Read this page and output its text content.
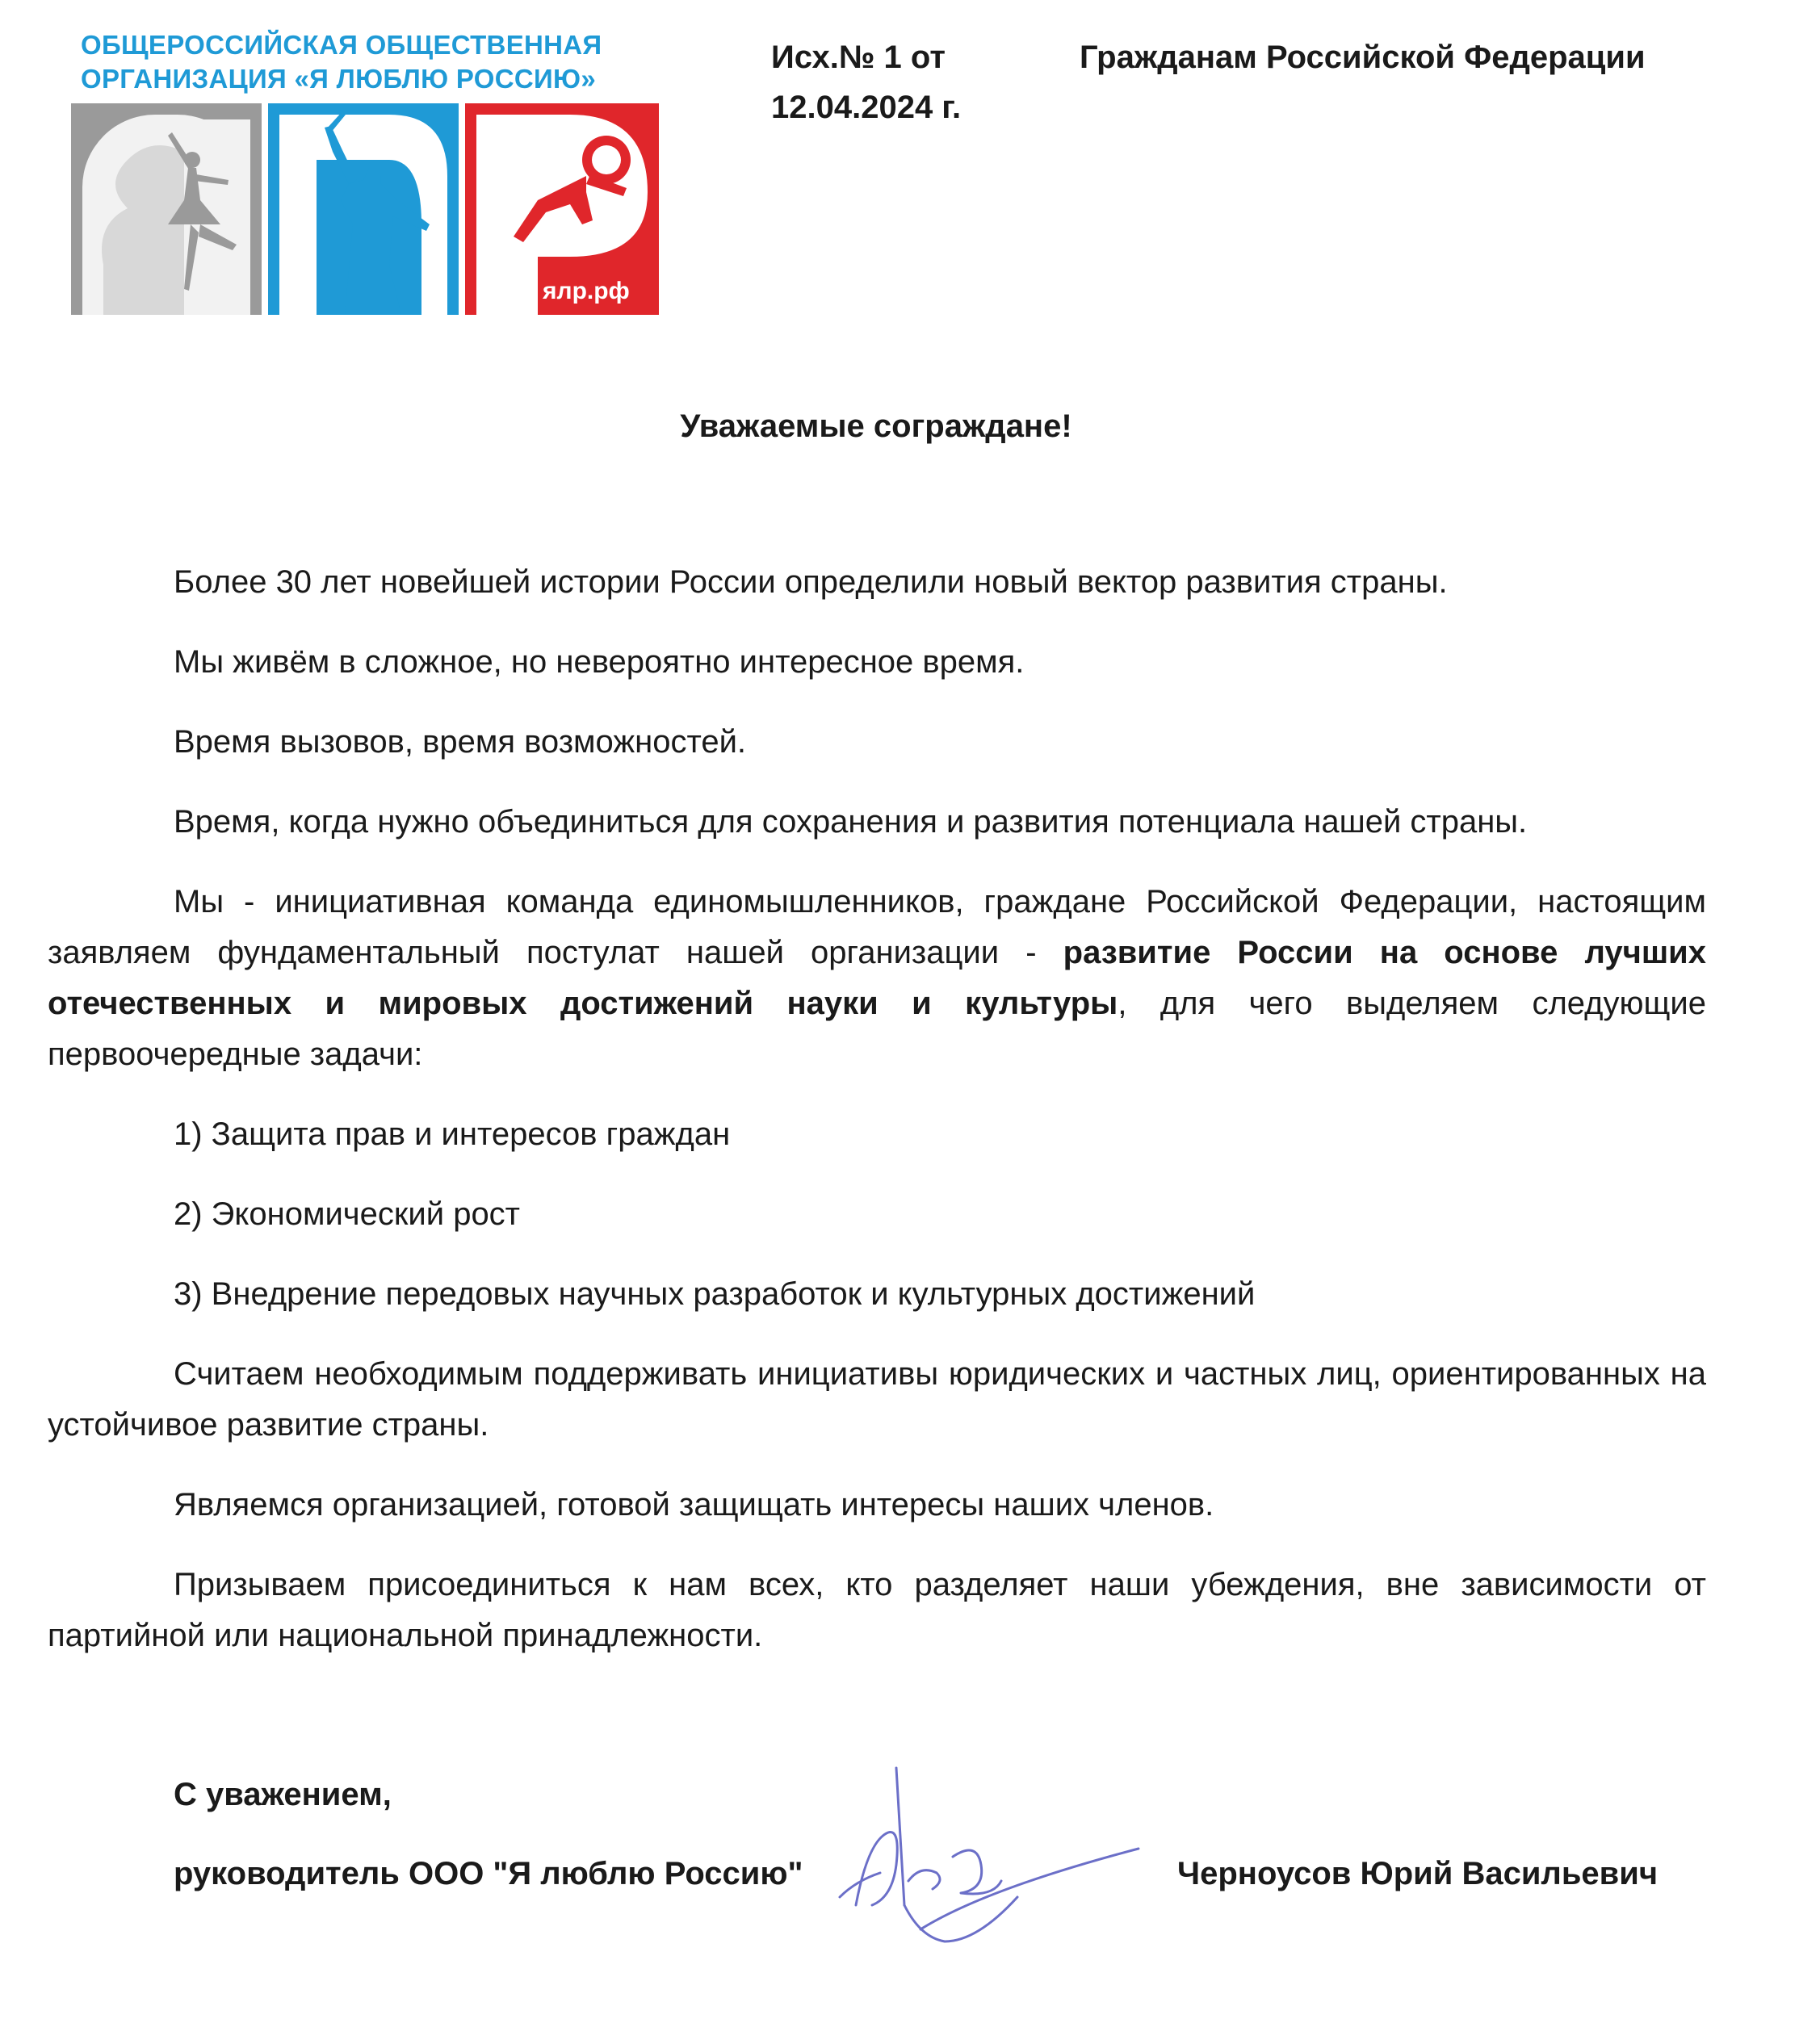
ОБЩЕРОССИЙСКАЯ ОБЩЕСТВЕННАЯ
ОРГАНИЗАЦИЯ «Я ЛЮБЛЮ РОССИЮ»
ялр.рф
Исх.№ 1 от
12.04.2024 г.
Гражданам Российской Федерации
Уважаемые сограждане!

Более 30 лет новейшей истории России определили новый вектор развития страны.

Мы живём в сложное, но невероятно интересное время.

Время вызовов, время возможностей.

Время, когда нужно объединиться для сохранения и развития потенциала нашей страны.

Мы - инициативная команда единомышленников, граждане Российской Федерации, настоящим заявляем фундаментальный постулат нашей организации - развитие России на основе лучших отечественных и мировых достижений науки и культуры, для чего выделяем следующие первоочередные задачи:

1) Защита прав и интересов граждан

2) Экономический рост

3) Внедрение передовых научных разработок и культурных достижений

Считаем необходимым поддерживать инициативы юридических и частных лиц, ориентированных на устойчивое развитие страны.

Являемся организацией, готовой защищать интересы наших членов.

Призываем присоединиться к нам всех, кто разделяет наши убеждения, вне зависимости от партийной или национальной принадлежности.

С уважением,
руководитель ООО "Я люблю Россию"	Черноусов Юрий Васильевич
